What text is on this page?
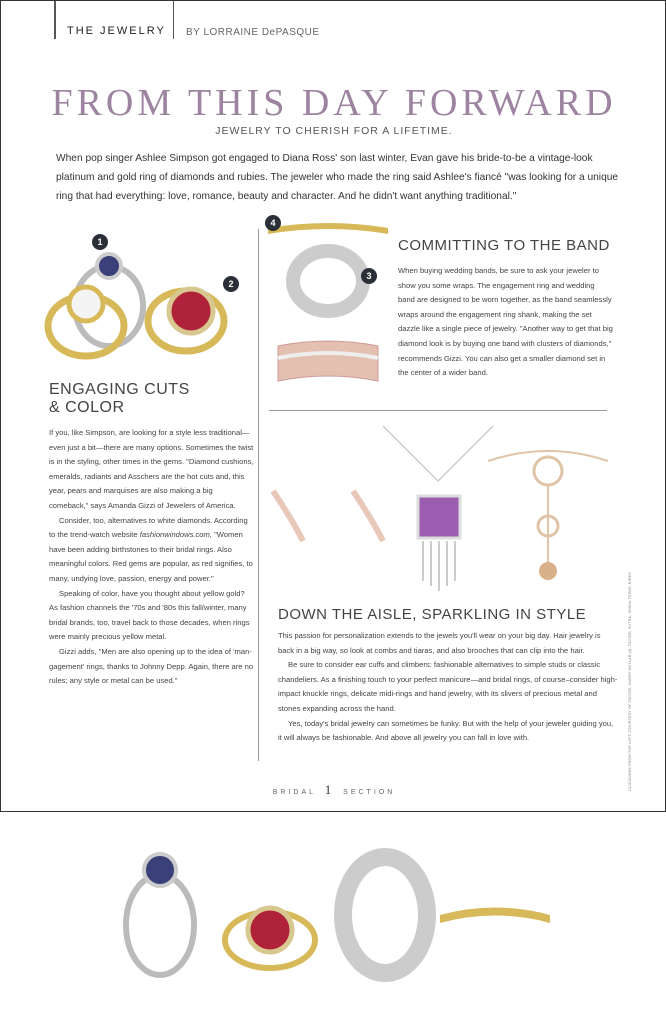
THE JEWELRY BY LORRAINE DePASQUE
FROM THIS DAY FORWARD
JEWELRY TO CHERISH FOR A LIFETIME.
When pop singer Ashlee Simpson got engaged to Diana Ross' son last winter, Evan gave his bride-to-be a vintage-look platinum and gold ring of diamonds and rubies. The jeweler who made the ring said Ashlee's fiancé "was looking for a unique ring that had everything: love, romance, beauty and character. And he didn't want anything traditional."
1
2
ENGAGING CUTS
& COLOR

If you, like Simpson, are looking for a style less traditional—even just a bit—there are many options. Sometimes the twist is in the styling, other times in the gems. "Diamond cushions, emeralds, radiants and Asschers are the hot cuts and, this year, pears and marquises are also making a big comeback," says Amanda Gizzi of Jewelers of America.

Consider, too, alternatives to white diamonds. According to the trend-watch website fashionwindows.com, "Women have been adding birthstones to their bridal rings. Also meaningful colors. Red gems are popular, as red signifies, to many, undying love, passion, energy and power."

Speaking of color, have you thought about yellow gold? As fashion channels the '70s and '80s this fall/winter, many bridal brands, too, travel back to those decades, when rings were mainly precious yellow metal.

Gizzi adds, "Men are also opening up to the idea of 'man-gagement' rings, thanks to Johnny Depp. Again, there are no rules; any style or metal can be used."

4
3
COMMITTING TO THE BAND
When buying wedding bands, be sure to ask your jeweler to show you some wraps. The engagement ring and wedding band are designed to be worn together, as the band seamlessly wraps around the engagement ring shank, making the set dazzle like a single piece of jewelry. "Another way to get that big diamond look is by buying one band with clusters of diamonds," recommends Gizzi. You can also get a smaller diamond set in the center of a wider band.
DOWN THE AISLE, SPARKLING IN STYLE

This passion for personalization extends to the jewels you'll wear on your big day. Hair jewelry is back in a big way, so look at combs and tiaras, and also brooches that can clip into the hair.

Be sure to consider ear cuffs and climbers: fashionable alternatives to simple studs or classic chandeliers. As a finishing touch to your perfect manicure—and bridal rings, of course–consider high-impact knuckle rings, delicate midi-rings and hand jewelry, with its slivers of precious metal and stones expanding across the hand.

Yes, today's bridal jewelry can sometimes be funky. But with the help of your jeweler guiding you, it will always be fashionable. And above all jewelry you can fall in love with.	CLOCKWISE FROM TOP LEFT: COURTESY OF TACORI, HARRY KOTLAR (4), TACORI, SUTRA, SIMON TESKE, BIRKS
BRIDAL 1 SECTION
